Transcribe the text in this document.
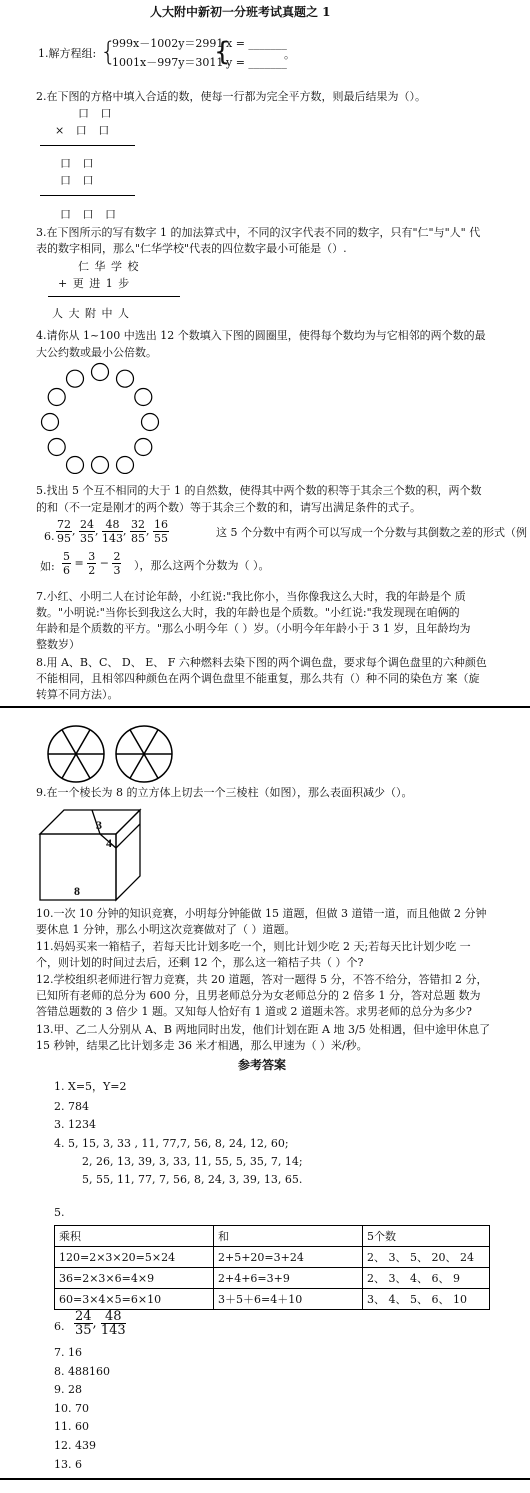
人大附中新初一分班考试真题之 1
1.解方程组: {
999x－1002y＝2991
1001x－997y＝3011
{
x = _______
y = _______
。
2.在下图的方格中填入合适的数，使每一行都为完全平方数，则最后结果为（）。
口 口
× 口 口
口 口
口 口
口 口 口
3.在下图所示的写有数字 1 的加法算式中，不同的汉字代表不同的数字，只有"仁"与"人" 代
表的数字相同，那么"仁华学校"代表的四位数字最小可能是（）.
仁 华 学 校
+ 更 进 1 步
人 大 附 中 人
4.请你从 1~100 中选出 12 个数填入下图的圆圈里，使得每个数均为与它相邻的两个数的最
大公约数或最小公倍数。
5.找出 5 个互不相同的大于 1 的自然数，使得其中两个数的积等于其余三个数的积，两个数
的和（不一定是刚才的两个数）等于其余三个数的和，请写出满足条件的式子。
6. $\frac{72}{95}$ , $\frac{24}{35}$ , $\frac{48}{143}$ , $\frac{32}{85}$ , $\frac{16}{55}$	这 5 个分数中有两个可以写成一个分数与其倒数之差的形式（例
如: $\frac{5}{6} = \frac{3}{2} - \frac{2}{3}$ ），那么这两个分数为（ ）。
7.小红、小明二人在讨论年龄，小红说:"我比你小，当你像我这么大时，我的年龄是个 质
数。"小明说:"当你长到我这么大时，我的年龄也是个质数。"小红说:"我发现现在咱俩的
年龄和是个质数的平方。"那么小明今年（ ）岁。（小明今年年龄小于 3 1 岁，且年龄均为
整数岁）
8.用 A、B、C、 D、 E、 F 六种燃料去染下图的两个调色盘，要求每个调色盘里的六种颜色
不能相同，且相邻四种颜色在两个调色盘里不能重复，那么共有（）种不同的染色方 案（旋
转算不同方法）。
9.在一个棱长为 8 的立方体上切去一个三棱柱（如图），那么表面积减少（）。
3
4
8
10.一次 10 分钟的知识竞赛，小明每分钟能做 15 道题，但做 3 道错一道，而且他做 2 分钟
要休息 1 分钟，那么小明这次竞赛做对了（ ）道题。
11.妈妈买来一箱桔子，若每天比计划多吃一个，则比计划少吃 2 天;若每天比计划少吃 一
个，则计划的时间过去后，还剩 12 个，那么这一箱桔子共（ ）个?
12.学校组织老师进行智力竞赛，共 20 道题，答对一题得 5 分，不答不给分，答错扣 2 分，
已知所有老师的总分为 600 分，且男老师总分为女老师总分的 2 倍多 1 分，答对总题 数为
答错总题数的 3 倍少 1 题。又知每人恰好有 1 道或 2 道题未答。求男老师的总分为多少?
13.甲、乙二人分别从 A、B 两地同时出发，他们计划在距 A 地 3/5 处相遇，但中途甲休息了
15 秒钟，结果乙比计划多走 36 米才相遇，那么甲速为（ ）米/秒。
参考答案
1. X=5，Y=2
2. 784
3. 1234
4. 5, 15, 3, 33 , 11, 77,7, 56, 8, 24, 12, 60;
2, 26, 13, 39, 3, 33, 11, 55, 5, 35, 7, 14;
5, 55, 11, 77, 7, 56, 8, 24, 3, 39, 13, 65.
5.
乘积	和	5个数
120=2×3×20=5×24	2+5+20=3+24	2、 3、 5、 20、 24
36=2×3×6=4×9	2+4+6=3+9	2、 3、 4、 6、 9
60=3×4×5=6×10	3＋5＋6=4＋10	3、 4、 5、 6、 10
6. $\frac{24}{35}$ , $\frac{48}{143}$
7. 16
8. 488160
9. 28
10. 70
11. 60
12. 439
13. 6
